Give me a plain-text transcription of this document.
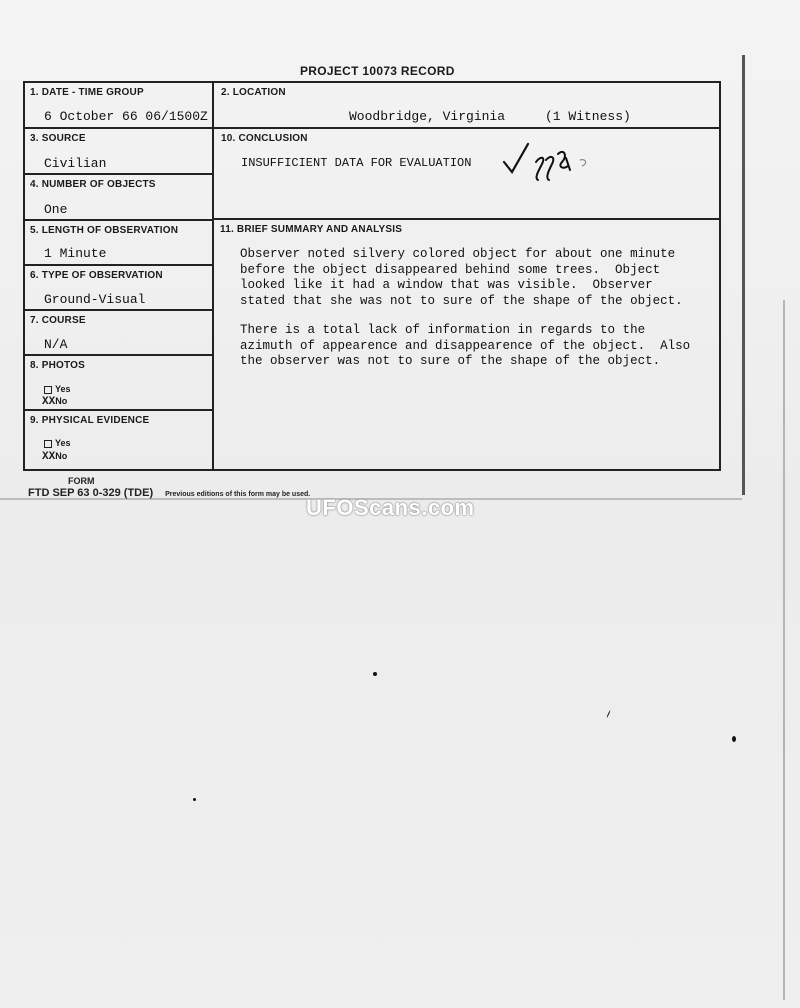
PROJECT 10073 RECORD
1. DATE - TIME GROUP
6 October 66 06/1500Z
2. LOCATION
Woodbridge, Virginia	(1 Witness)
3. SOURCE
Civilian
10. CONCLUSION
INSUFFICIENT DATA FOR EVALUATION
4. NUMBER OF OBJECTS
One
5. LENGTH OF OBSERVATION
1 Minute
11. BRIEF SUMMARY AND ANALYSIS
Observer noted silvery colored object for about one minute
before the object disappeared behind some trees.  Object
looked like it had a window that was visible.  Observer
stated that she was not to sure of the shape of the object.
There is a total lack of information in regards to the
azimuth of appearence and disappearence of the object.  Also
the observer was not to sure of the shape of the object.
6. TYPE OF OBSERVATION
Ground-Visual
7. COURSE
N/A
8. PHOTOS
Yes
XXNo
9. PHYSICAL EVIDENCE
Yes
XXNo
FORM
FTD SEP 63 0-329 (TDE) Previous editions of this form may be used.
UFOScans.com
